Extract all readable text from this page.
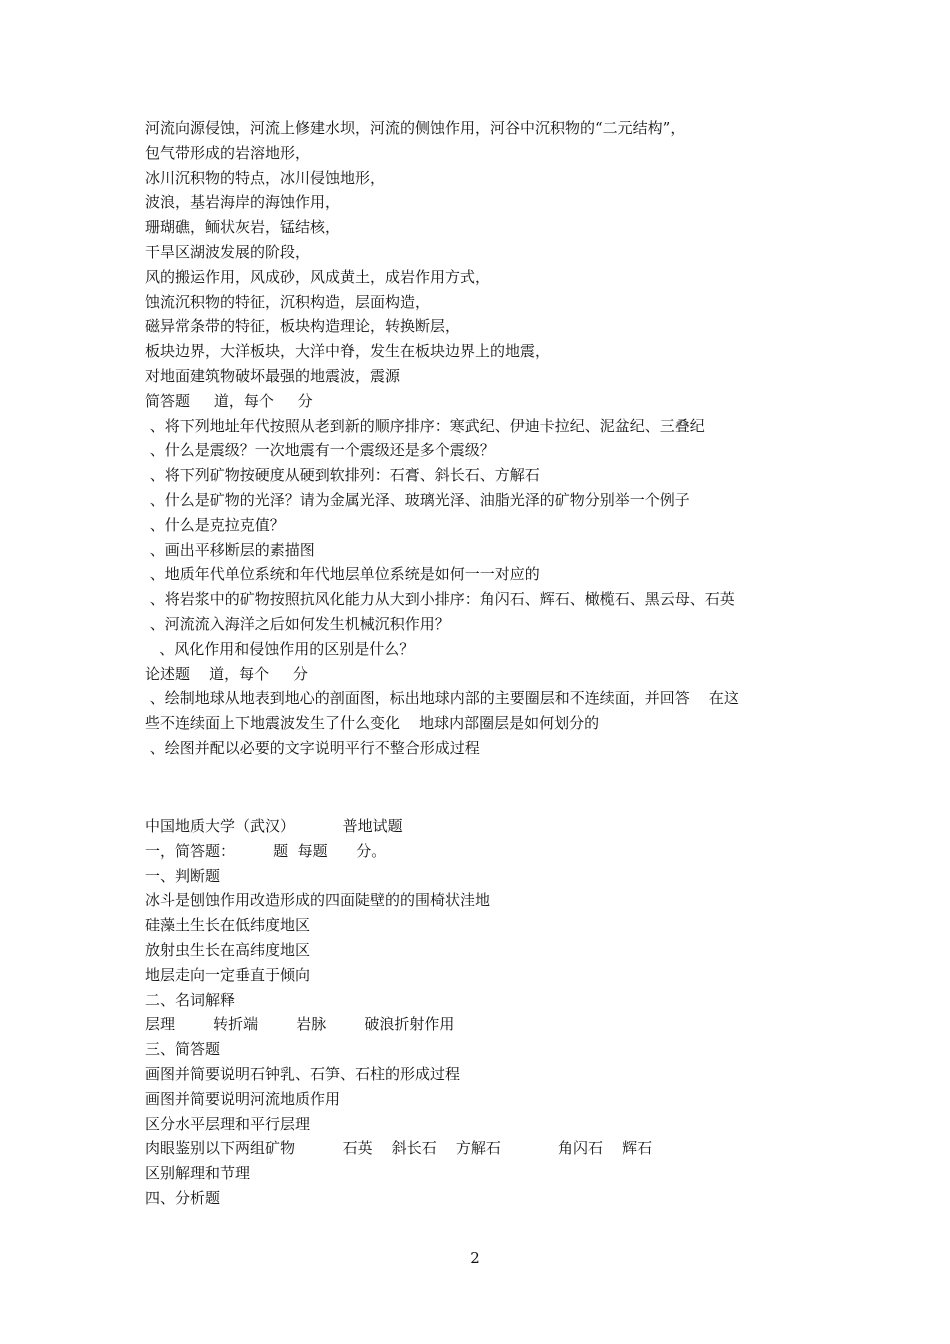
河流向源侵蚀，河流上修建水坝，河流的侧蚀作用，河谷中沉积物的“二元结构”，
包气带形成的岩溶地形，
冰川沉积物的特点，冰川侵蚀地形，
波浪，基岩海岸的海蚀作用，
珊瑚礁，鲕状灰岩，锰结核，
干旱区湖波发展的阶段，
风的搬运作用，风成砂，风成黄土，成岩作用方式，
蚀流沉积物的特征，沉积构造，层面构造，
磁异常条带的特征，板块构造理论，转换断层，
板块边界，大洋板块，大洋中脊，发生在板块边界上的地震，
对地面建筑物破坏最强的地震波，震源
简答题     道，每个     分
、将下列地址年代按照从老到新的顺序排序：寒武纪、伊迪卡拉纪、泥盆纪、三叠纪
、什么是震级？一次地震有一个震级还是多个震级？
、将下列矿物按硬度从硬到软排列：石膏、斜长石、方解石
、什么是矿物的光泽？请为金属光泽、玻璃光泽、油脂光泽的矿物分别举一个例子
、什么是克拉克值？
、画出平移断层的素描图
、地质年代单位系统和年代地层单位系统是如何一一对应的
、将岩浆中的矿物按照抗风化能力从大到小排序：角闪石、辉石、橄榄石、黑云母、石英
、河流流入海洋之后如何发生机械沉积作用？
、风化作用和侵蚀作用的区别是什么？
论述题    道，每个     分
、绘制地球从地表到地心的剖面图，标出地球内部的主要圈层和不连续面，并回答    在这
些不连续面上下地震波发生了什么变化    地球内部圈层是如何划分的
、绘图并配以必要的文字说明平行不整合形成过程
中国地质大学（武汉）          普地试题
一，简答题：        题  每题      分。
一、判断题
冰斗是刨蚀作用改造形成的四面陡壁的的围椅状洼地
硅藻土生长在低纬度地区
放射虫生长在高纬度地区
地层走向一定垂直于倾向
二、名词解释
层理        转折端        岩脉        破浪折射作用
三、简答题
画图并简要说明石钟乳、石笋、石柱的形成过程
画图并简要说明河流地质作用
区分水平层理和平行层理
肉眼鉴别以下两组矿物          石英    斜长石    方解石            角闪石    辉石
区别解理和节理
四、分析题
2
